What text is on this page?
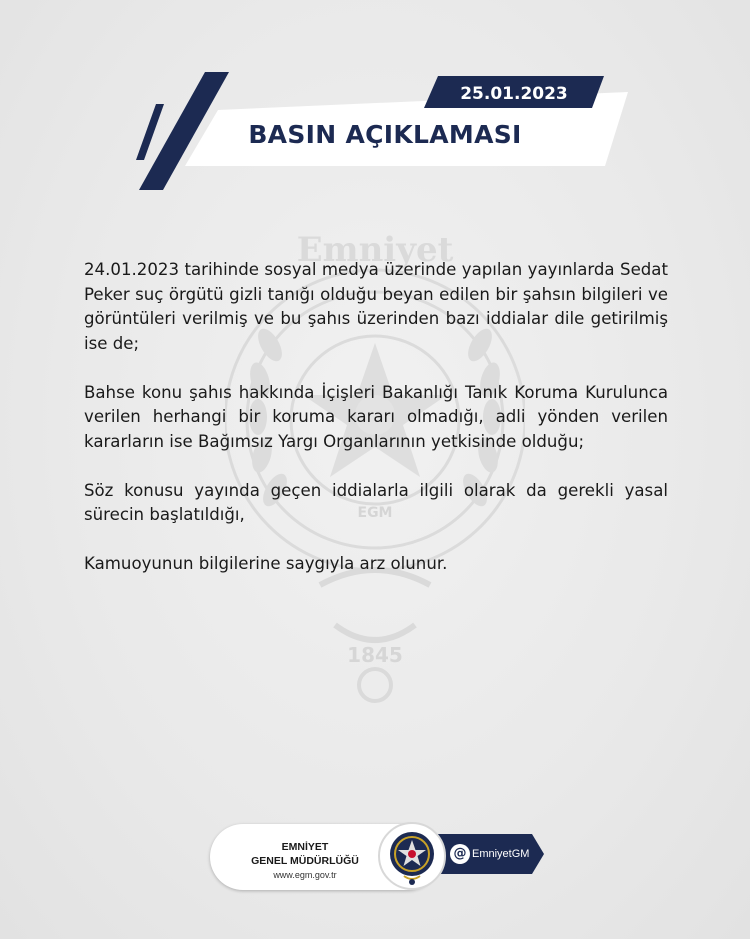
Emniyet
EGM
1845
25.01.2023
BASIN AÇIKLAMASI

24.01.2023 tarihinde sosyal medya üzerinde yapılan yayınlarda Sedat Peker suç örgütü gizli tanığı olduğu beyan edilen bir şahsın bilgileri ve görüntüleri verilmiş ve bu şahıs üzerinden bazı iddialar dile getirilmiş ise de;

Bahse konu şahıs hakkında İçişleri Bakanlığı Tanık Koruma Kurulunca verilen herhangi bir koruma kararı olmadığı, adli yönden verilen kararların ise Bağımsız Yargı Organlarının yetkisinde olduğu;

Söz konusu yayında geçen iddialarla ilgili olarak da gerekli yasal sürecin başlatıldığı,

Kamuoyunun bilgilerine saygıyla arz olunur.

@ EmniyetGM
EMNİYET
GENEL MÜDÜRLÜĞÜ
www.egm.gov.tr
